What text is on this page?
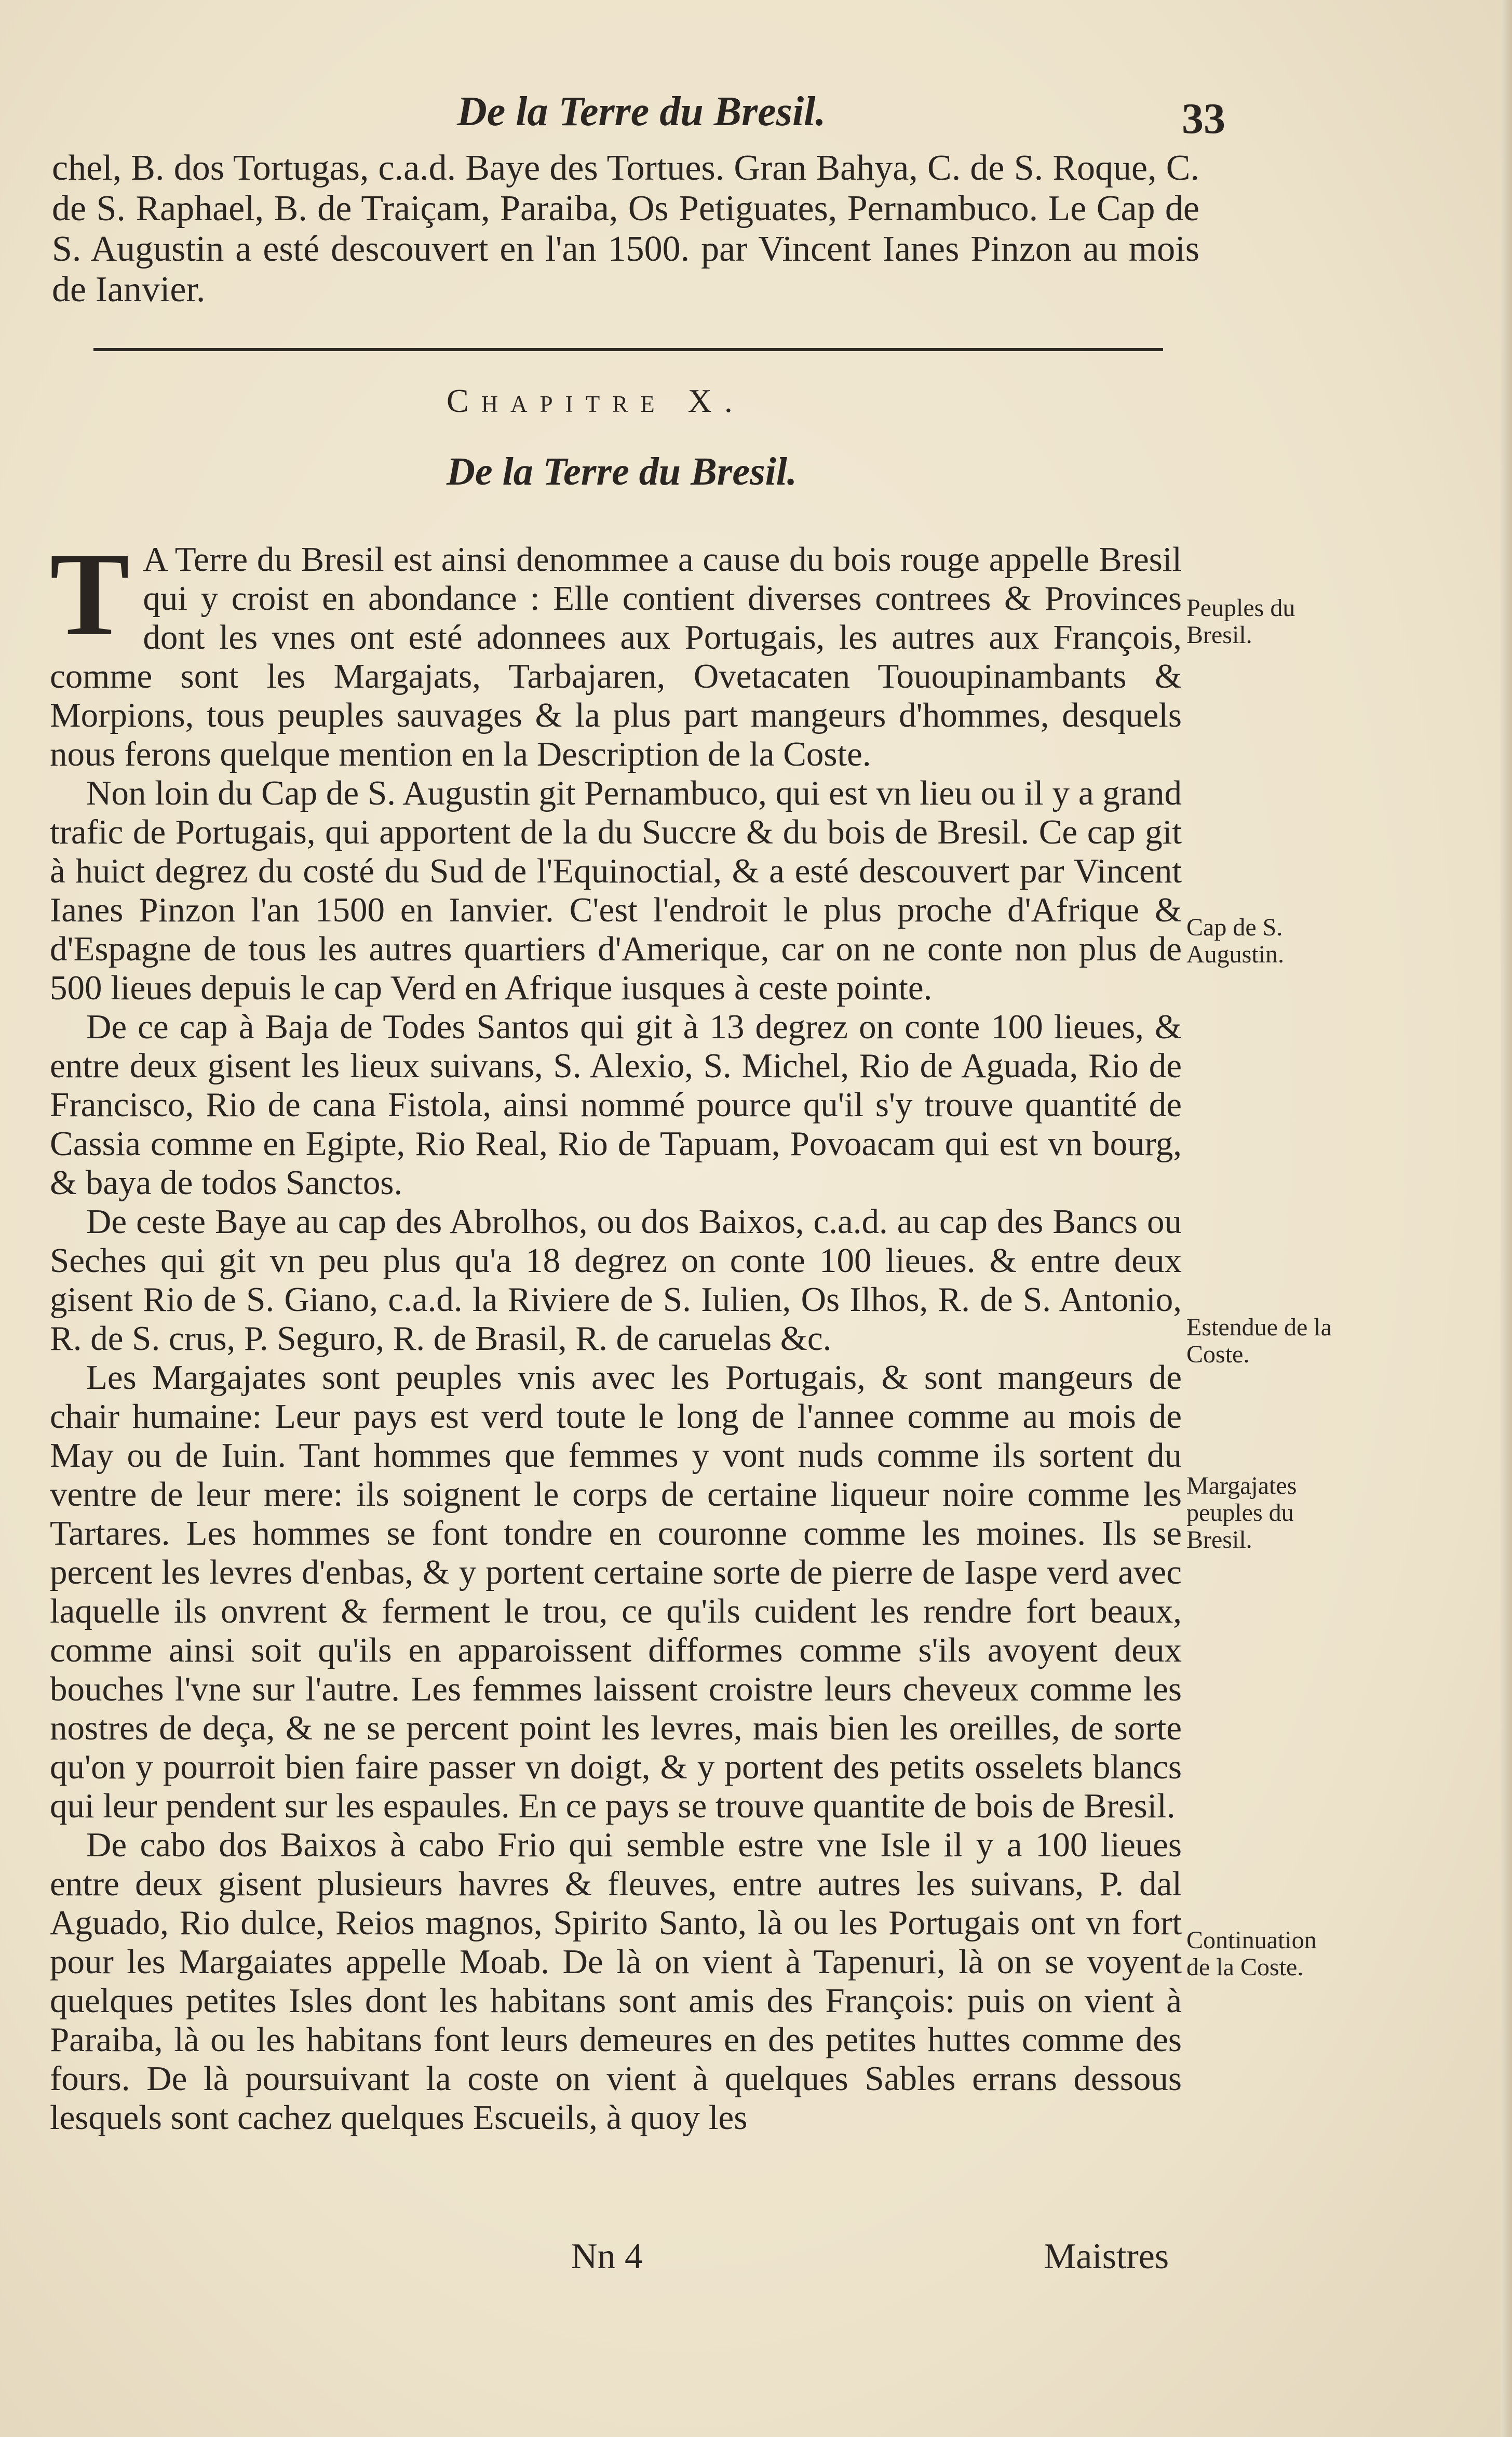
De la Terre du Bresil.	33
chel, B. dos Tortugas, c.a.d. Baye des Tortues. Gran Bahya, C. de S. Roque, C. de S. Raphael, B. de Traiçam, Paraiba, Os Petiguates, Pernambuco. Le Cap de S. Augustin a esté descouvert en l'an 1500. par Vincent Ianes Pinzon au mois de Ianvier.
Chapitre X.
De la Terre du Bresil.

T A Terre du Bresil est ainsi denommee a cause du bois rouge appelle Bresil qui y croist en abondance : Elle contient diverses contrees & Provinces dont les vnes ont esté adonnees aux Portugais, les autres aux François, comme sont les Margajats, Tarbajaren, Ovetacaten Tououpinambants & Morpions, tous peuples sauvages & la plus part mangeurs d'hommes, desquels nous ferons quelque mention en la Description de la Coste.

Non loin du Cap de S. Augustin git Pernambuco, qui est vn lieu ou il y a grand trafic de Portugais, qui apportent de la du Succre & du bois de Bresil. Ce cap git à huict degrez du costé du Sud de l'Equinoctial, & a esté descouvert par Vincent Ianes Pinzon l'an 1500 en Ianvier. C'est l'endroit le plus proche d'Afrique & d'Espagne de tous les autres quartiers d'Amerique, car on ne conte non plus de 500 lieues depuis le cap Verd en Afrique iusques à ceste pointe.

De ce cap à Baja de Todes Santos qui git à 13 degrez on conte 100 lieues, & entre deux gisent les lieux suivans, S. Alexio, S. Michel, Rio de Aguada, Rio de Francisco, Rio de cana Fistola, ainsi nommé pource qu'il s'y trouve quantité de Cassia comme en Egipte, Rio Real, Rio de Tapuam, Povoacam qui est vn bourg, & baya de todos Sanctos.

De ceste Baye au cap des Abrolhos, ou dos Baixos, c.a.d. au cap des Bancs ou Seches qui git vn peu plus qu'a 18 degrez on conte 100 lieues. & entre deux gisent Rio de S. Giano, c.a.d. la Riviere de S. Iulien, Os Ilhos, R. de S. Antonio, R. de S. crus, P. Seguro, R. de Brasil, R. de caruelas &c.

Les Margajates sont peuples vnis avec les Portugais, & sont mangeurs de chair humaine: Leur pays est verd toute le long de l'annee comme au mois de May ou de Iuin. Tant hommes que femmes y vont nuds comme ils sortent du ventre de leur mere: ils soignent le corps de certaine liqueur noire comme les Tartares. Les hommes se font tondre en couronne comme les moines. Ils se percent les levres d'enbas, & y portent certaine sorte de pierre de Iaspe verd avec laquelle ils onvrent & ferment le trou, ce qu'ils cuident les rendre fort beaux, comme ainsi soit qu'ils en apparoissent difformes comme s'ils avoyent deux bouches l'vne sur l'autre. Les femmes laissent croistre leurs cheveux comme les nostres de deça, & ne se percent point les levres, mais bien les oreilles, de sorte qu'on y pourroit bien faire passer vn doigt, & y portent des petits osselets blancs qui leur pendent sur les espaules. En ce pays se trouve quantite de bois de Bresil.

De cabo dos Baixos à cabo Frio qui semble estre vne Isle il y a 100 lieues entre deux gisent plusieurs havres & fleuves, entre autres les suivans, P. dal Aguado, Rio dulce, Reios magnos, Spirito Santo, là ou les Portugais ont vn fort pour les Margaiates appelle Moab. De là on vient à Tapenuri, là on se voyent quelques petites Isles dont les habitans sont amis des François: puis on vient à Paraiba, là ou les habitans font leurs demeures en des petites huttes comme des fours. De là poursuivant la coste on vient à quelques Sables errans dessous lesquels sont cachez quelques Escueils, à quoy les

Peuples du Bresil.
Cap de S. Augustin.
Estendue de la Coste.
Margajates peuples du Bresil.
Continuation de la Coste.
Nn 4	Maistres
